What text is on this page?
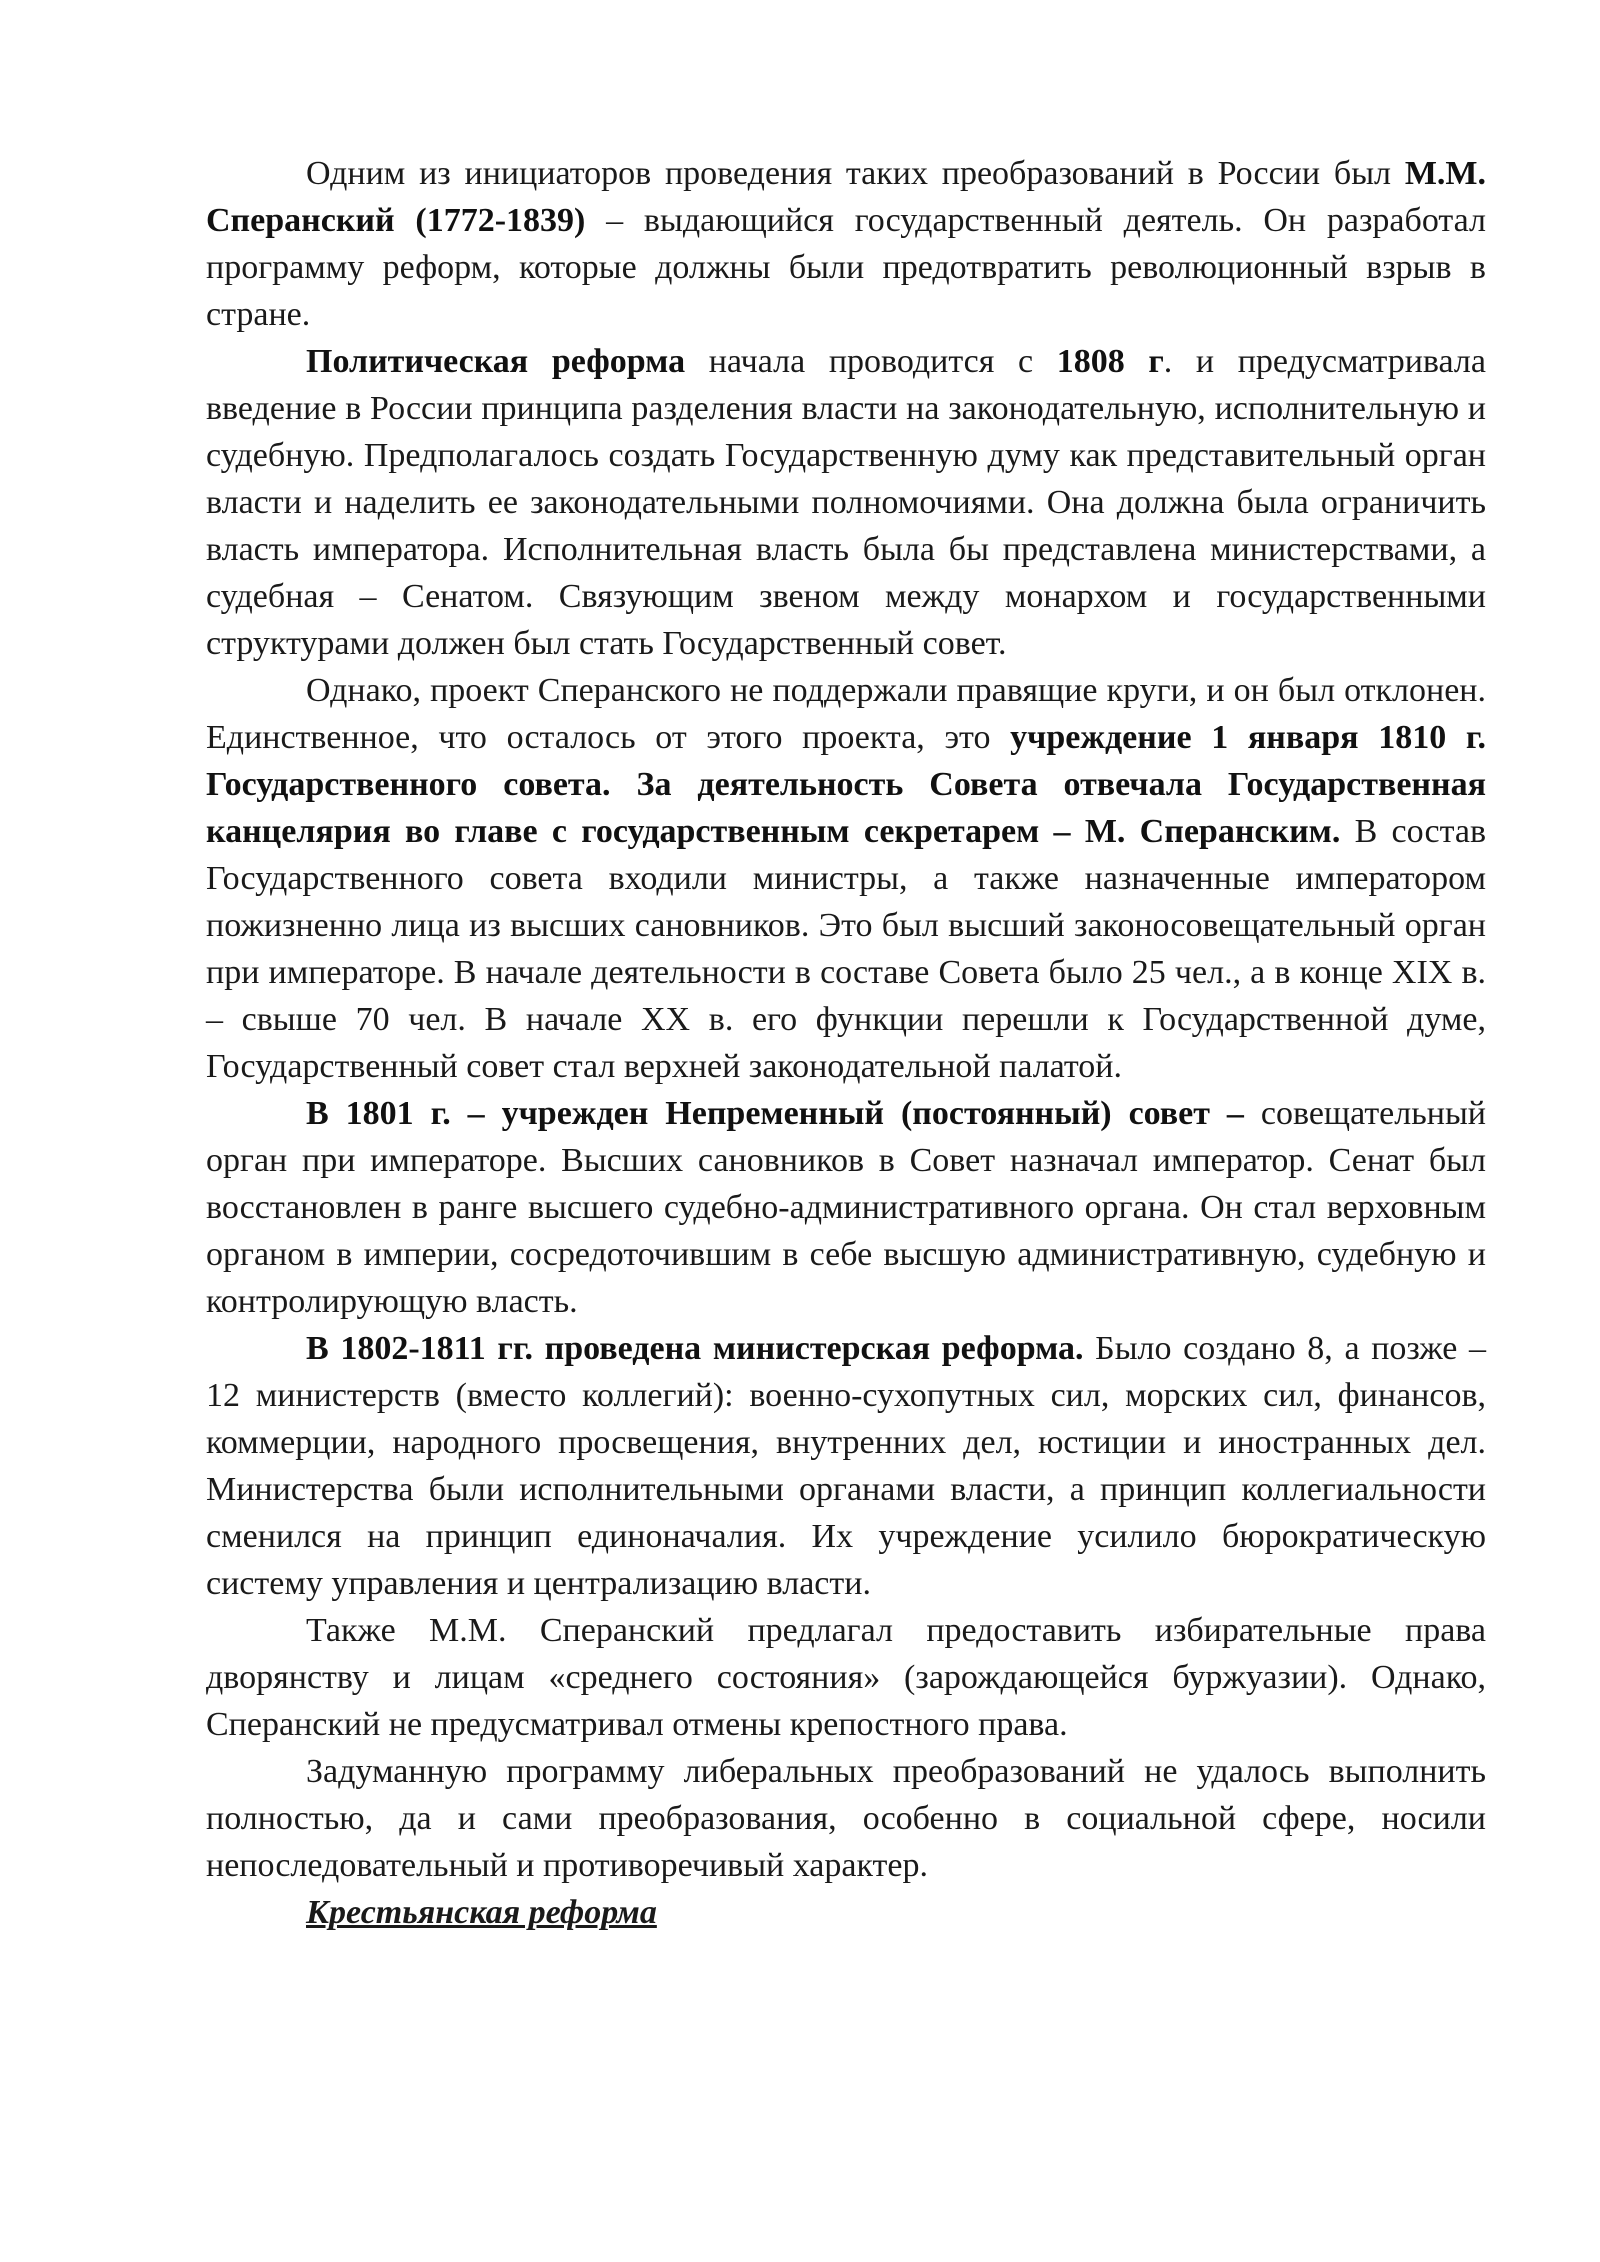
Одним из инициаторов проведения таких преобразований в России был М.М. Сперанский (1772-1839) – выдающийся государственный деятель. Он разработал программу реформ, которые должны были предотвратить революционный взрыв в стране.

Политическая реформа начала проводится с 1808 г. и предусматривала введение в России принципа разделения власти на законодательную, исполнительную и судебную. Предполагалось создать Государственную думу как представительный орган власти и наделить ее законодательными полномочиями. Она должна была ограничить власть императора. Исполнительная власть была бы представлена министерствами, а судебная – Сенатом. Связующим звеном между монархом и государственными структурами должен был стать Государственный совет.

Однако, проект Сперанского не поддержали правящие круги, и он был отклонен. Единственное, что осталось от этого проекта, это учреждение 1 января 1810 г. Государственного совета. За деятельность Совета отвечала Государственная канцелярия во главе с государственным секретарем – М. Сперанским. В состав Государственного совета входили министры, а также назначенные императором пожизненно лица из высших сановников. Это был высший законосовещательный орган при императоре. В начале деятельности в составе Совета было 25 чел., а в конце XIX в. – свыше 70 чел. В начале XX в. его функции перешли к Государственной думе, Государственный совет стал верхней законодательной палатой.

В 1801 г. – учрежден Непременный (постоянный) совет – совещательный орган при императоре. Высших сановников в Совет назначал император. Сенат был восстановлен в ранге высшего судебно-административного органа. Он стал верховным органом в империи, сосредоточившим в себе высшую административную, судебную и контролирующую власть.

В 1802-1811 гг. проведена министерская реформа. Было создано 8, а позже – 12 министерств (вместо коллегий): военно-сухопутных сил, морских сил, финансов, коммерции, народного просвещения, внутренних дел, юстиции и иностранных дел. Министерства были исполнительными органами власти, а принцип коллегиальности сменился на принцип единоначалия. Их учреждение усилило бюрократическую систему управления и централизацию власти.

Также М.М. Сперанский предлагал предоставить избирательные права дворянству и лицам «среднего состояния» (зарождающейся буржуазии). Однако, Сперанский не предусматривал отмены крепостного права.

Задуманную программу либеральных преобразований не удалось выполнить полностью, да и сами преобразования, особенно в социальной сфере, носили непоследовательный и противоречивый характер.

Крестьянская реформа
